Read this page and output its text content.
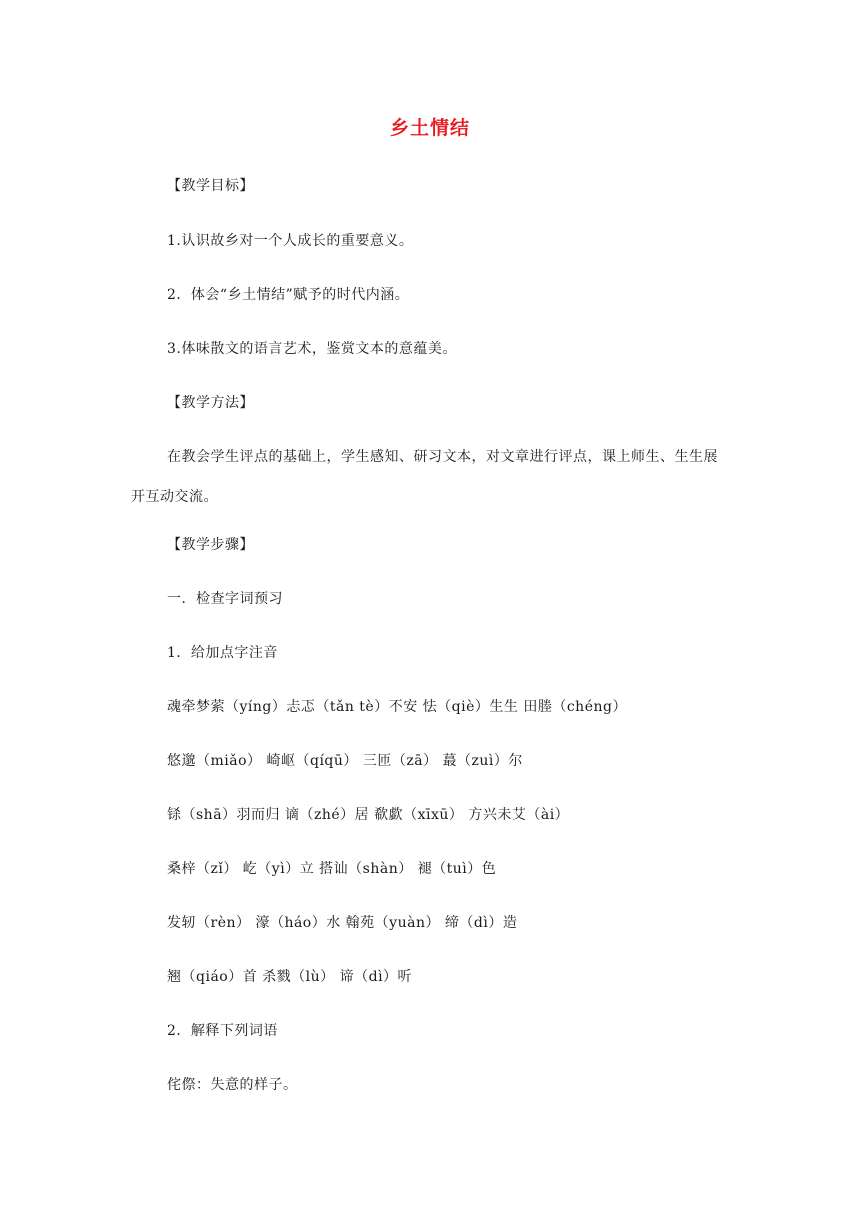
乡土情结
【教学目标】
1.认识故乡对一个人成长的重要意义。
2．体会“乡土情结”赋予的时代内涵。
3.体味散文的语言艺术，鉴赏文本的意蕴美。
【教学方法】
在教会学生评点的基础上，学生感知、研习文本，对文章进行评点，课上师生、生生展开互动交流。
【教学步骤】
一．检查字词预习
1．给加点字注音
魂牵梦萦（yíng）忐忑（tǎn tè）不安 怯（qiè）生生 田塍（chéng）
悠邈（miǎo） 崎岖（qíqū） 三匝（zā） 蕞（zuì）尔
铩（shā）羽而归 谪（zhé）居 欷歔（xīxū） 方兴未艾（ài）
桑梓（zǐ） 屹（yì）立 搭讪（shàn） 褪（tuì）色
发轫（rèn） 濠（háo）水 翰苑（yuàn） 缔（dì）造
翘（qiáo）首 杀戮（lù） 谛（dì）听
2．解释下列词语
侘傺：失意的样子。
